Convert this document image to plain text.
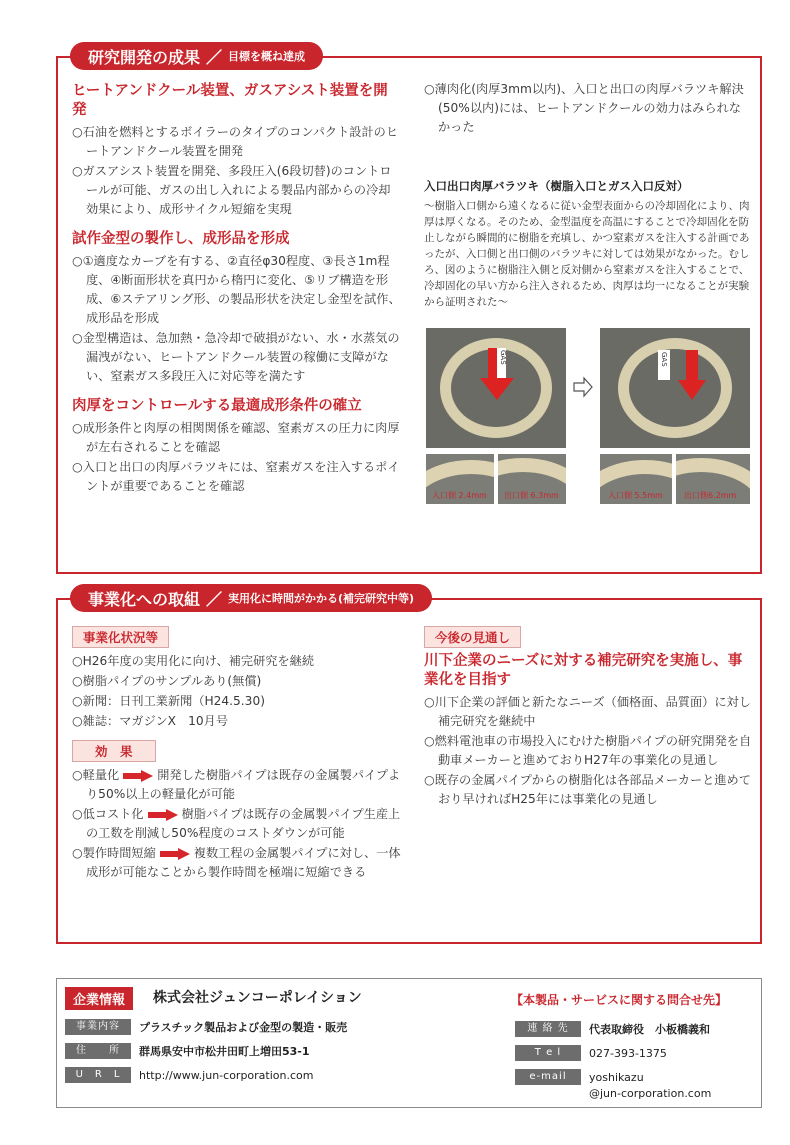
研究開発の成果 ／ 目標を概ね達成
ヒートアンドクール装置、ガスアシスト装置を開発
○石油を燃料とするボイラーのタイプのコンパクト設計のヒートアンドクール装置を開発
○ガスアシスト装置を開発、多段圧入(6段切替)のコントロールが可能、ガスの出し入れによる製品内部からの冷却効果により、成形サイクル短縮を実現
試作金型の製作し、成形品を形成
○①適度なカーブを有する、②直径φ30程度、③長さ1m程度、④断面形状を真円から楕円に変化、⑤リブ構造を形成、⑥ステアリング形、の製品形状を決定し金型を試作、成形品を形成
○金型構造は、急加熱・急冷却で破損がない、水・水蒸気の漏洩がない、ヒートアンドクール装置の稼働に支障がない、窒素ガス多段圧入に対応等を満たす
肉厚をコントロールする最適成形条件の確立
○成形条件と肉厚の相関関係を確認、窒素ガスの圧力に肉厚が左右されることを確認
○入口と出口の肉厚バラツキには、窒素ガスを注入するポイントが重要であることを確認
○薄肉化(肉厚3mm以内)、入口と出口の肉厚バラツキ解決(50%以内)には、ヒートアンドクールの効力はみられなかった
入口出口肉厚バラツキ（樹脂入口とガス入口反対）
～樹脂入口側から遠くなるに従い金型表面からの冷却固化により、肉厚は厚くなる。そのため、金型温度を高温にすることで冷却固化を防止しながら瞬間的に樹脂を充填し、かつ窒素ガスを注入する計画であったが、入口側と出口側のバラツキに対しては効果がなかった。むしろ、図のように樹脂注入側と反対側から窒素ガスを注入することで、冷却固化の早い方から注入されるため、肉厚は均一になることが実験から証明された～
GAS	GAS
入口側 2.4mm 出口側 6.3mm	入口側 5.5mm	出口側6.2mm
事業化への取組 ／ 実用化に時間がかかる(補完研究中等)
事業化状況等
○H26年度の実用化に向け、補完研究を継続
○樹脂パイプのサンプルあり(無償)
○新聞：日刊工業新聞（H24.5.30)
○雑誌：マガジンX　10月号
効　果
○軽量化	開発した樹脂パイプは既存の金属製パイプより50%以上の軽量化が可能
○低コスト化	樹脂パイプは既存の金属製パイプ生産上の工数を削減し50%程度のコストダウンが可能
○製作時間短縮	複数工程の金属製パイプに対し、一体成形が可能なことから製作時間を極端に短縮できる
今後の見通し
川下企業のニーズに対する補完研究を実施し、事業化を目指す
○川下企業の評価と新たなニーズ（価格面、品質面）に対し補完研究を継続中
○燃料電池車の市場投入にむけた樹脂パイプの研究開発を自動車メーカーと進めておりH27年の事業化の見通し
○既存の金属パイプからの樹脂化は各部品メーカーと進めており早ければH25年には事業化の見通し
企業情報	株式会社ジュンコーポレイション	【本製品・サービスに関する問合せ先】
事業内容	プラスチック製品および金型の製造・販売
住　　所	群馬県安中市松井田町上増田53-1
U　R　L	http://www.jun-corporation.com
連 絡 先	代表取締役　小板橋義和
T e l	027-393-1375
e-mail	yoshikazu
@jun-corporation.com
